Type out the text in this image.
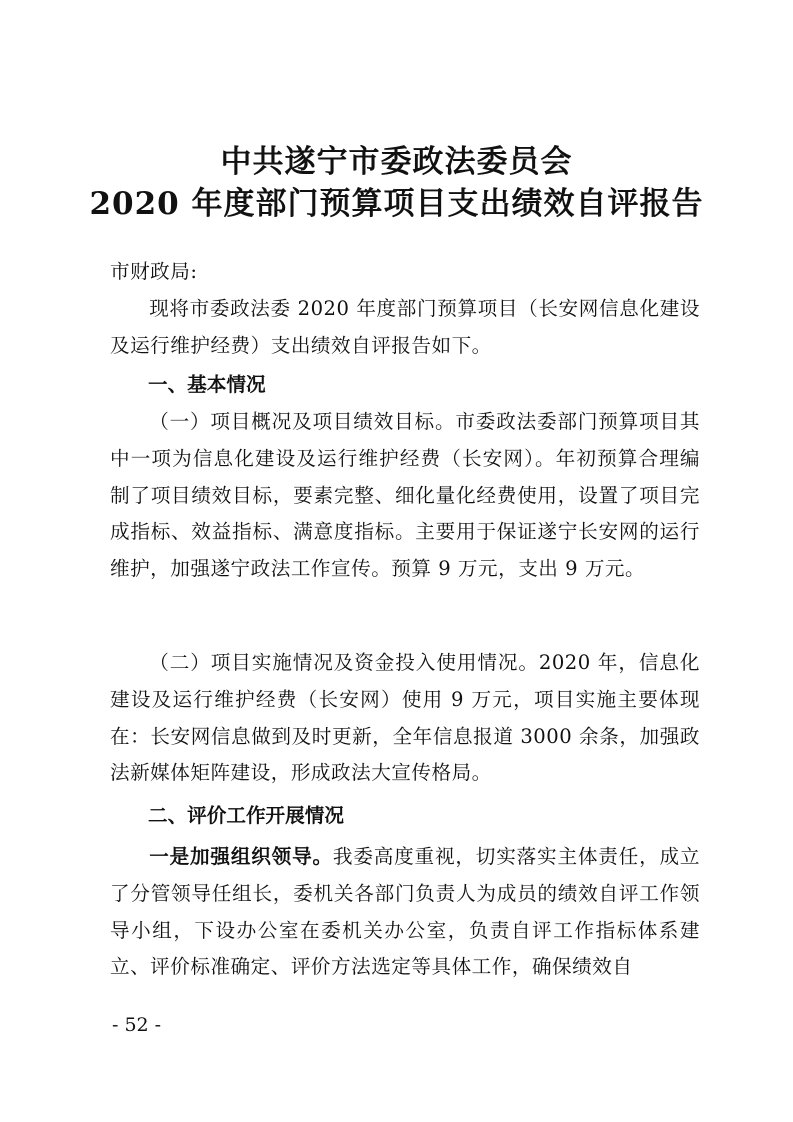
中共遂宁市委政法委员会
2020 年度部门预算项目支出绩效自评报告

市财政局:

现将市委政法委 2020 年度部门预算项目（长安网信息化建设及运行维护经费）支出绩效自评报告如下。

一、基本情况

（一）项目概况及项目绩效目标。市委政法委部门预算项目其中一项为信息化建设及运行维护经费（长安网）。年初预算合理编制了项目绩效目标，要素完整、细化量化经费使用，设置了项目完成指标、效益指标、满意度指标。主要用于保证遂宁长安网的运行维护，加强遂宁政法工作宣传。预算 9 万元，支出 9 万元。

（二）项目实施情况及资金投入使用情况。2020 年，信息化建设及运行维护经费（长安网）使用 9 万元，项目实施主要体现在：长安网信息做到及时更新，全年信息报道 3000 余条，加强政法新媒体矩阵建设，形成政法大宣传格局。

二、评价工作开展情况

一是加强组织领导。我委高度重视，切实落实主体责任，成立了分管领导任组长，委机关各部门负责人为成员的绩效自评工作领导小组，下设办公室在委机关办公室，负责自评工作指标体系建立、评价标准确定、评价方法选定等具体工作，确保绩效自

- 52 -
